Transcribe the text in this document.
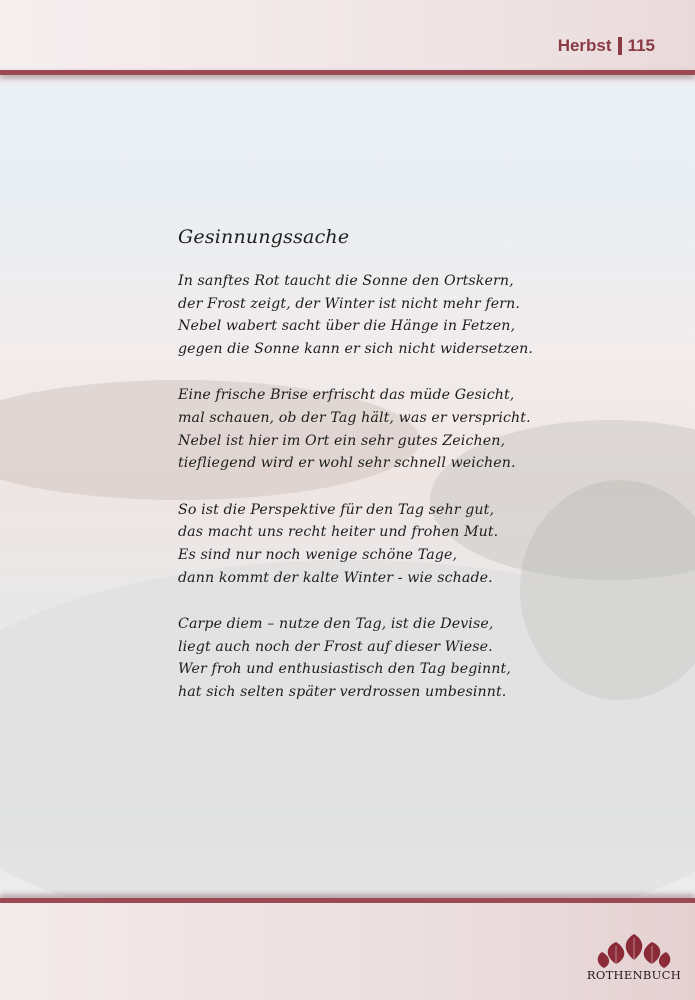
Herbst 115
Gesinnungssache
In sanftes Rot taucht die Sonne den Ortskern,
der Frost zeigt, der Winter ist nicht mehr fern.
Nebel wabert sacht über die Hänge in Fetzen,
gegen die Sonne kann er sich nicht widersetzen.
Eine frische Brise erfrischt das müde Gesicht,
mal schauen, ob der Tag hält, was er verspricht.
Nebel ist hier im Ort ein sehr gutes Zeichen,
tiefliegend wird er wohl sehr schnell weichen.
So ist die Perspektive für den Tag sehr gut,
das macht uns recht heiter und frohen Mut.
Es sind nur noch wenige schöne Tage,
dann kommt der kalte Winter - wie schade.
Carpe diem – nutze den Tag, ist die Devise,
liegt auch noch der Frost auf dieser Wiese.
Wer froh und enthusiastisch den Tag beginnt,
hat sich selten später verdrossen umbesinnt.
ROTHENBUCH
